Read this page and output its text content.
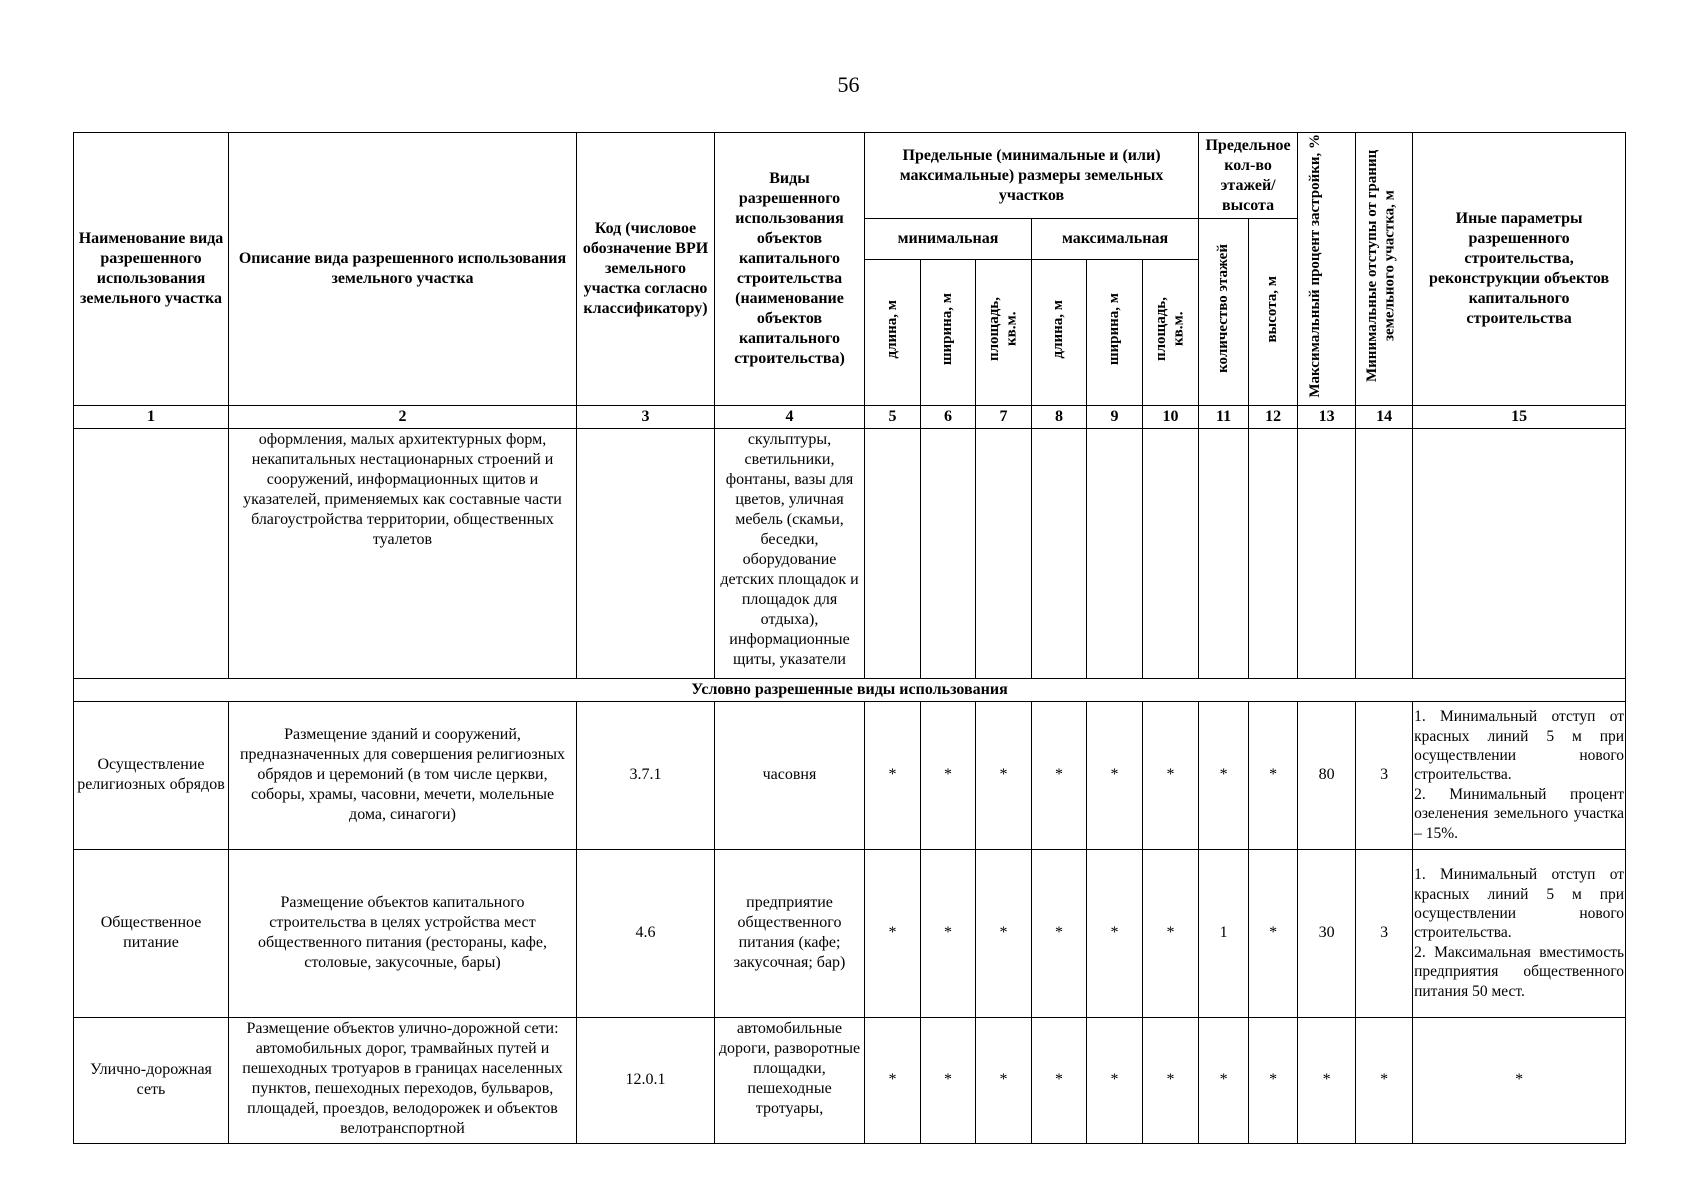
56
Наименование вида разрешенного использования земельного участка	Описание вида разрешенного использования земельного участка	Код (числовое обозначение ВРИ земельного участка согласно классификатору)	Виды разрешенного использования объектов капитального строительства (наименование объектов капитального строительства)	Предельные (минимальные и (или) максимальные) размеры земельных участков						Предельное кол-во этажей/ высота		Максимальный процент застройки, %	Минимальные отступы от границ земельного участка, м	Иные параметры разрешенного строительства, реконструкции объектов капитального строительства
				минимальная			максимальная			количество этажей	высота, м			
				длина, м	ширина, м	площадь, кв.м.	длина, м	ширина, м	площадь, кв.м.					
1	2	3	4	5	6	7	8	9	10	11	12	13	14	15
	оформления, малых архитектурных форм, некапитальных нестационарных строений и сооружений, информационных щитов и указателей, применяемых как составные части благоустройства территории, общественных туалетов		скульптуры, светильники, фонтаны, вазы для цветов, уличная мебель (скамьи, беседки, оборудование детских площадок и площадок для отдыха), информационные щиты, указатели											
Условно разрешенные виды использования														
Осуществление религиозных обрядов	Размещение зданий и сооружений, предназначенных для совершения религиозных обрядов и церемоний (в том числе церкви, соборы, храмы, часовни, мечети, молельные дома, синагоги)	3.7.1	часовня	*	*	*	*	*	*	*	*	80	3	1. Минимальный отступ от красных линий 5 м при осуществлении нового строительства.
2. Минимальный процент озеленения земельного участка – 15%.
Общественное питание	Размещение объектов капитального строительства в целях устройства мест общественного питания (рестораны, кафе, столовые, закусочные, бары)	4.6	предприятие общественного питания (кафе; закусочная; бар)	*	*	*	*	*	*	1	*	30	3	1. Минимальный отступ от красных линий 5 м при осуществлении нового строительства.
2. Максимальная вместимость предприятия общественного питания 50 мест.
Улично-дорожная сеть	Размещение объектов улично-дорожной сети: автомобильных дорог, трамвайных путей и пешеходных тротуаров в границах населенных пунктов, пешеходных переходов, бульваров, площадей, проездов, велодорожек и объектов велотранспортной	12.0.1	автомобильные дороги, разворотные площадки, пешеходные тротуары,	*	*	*	*	*	*	*	*	*	*	*
